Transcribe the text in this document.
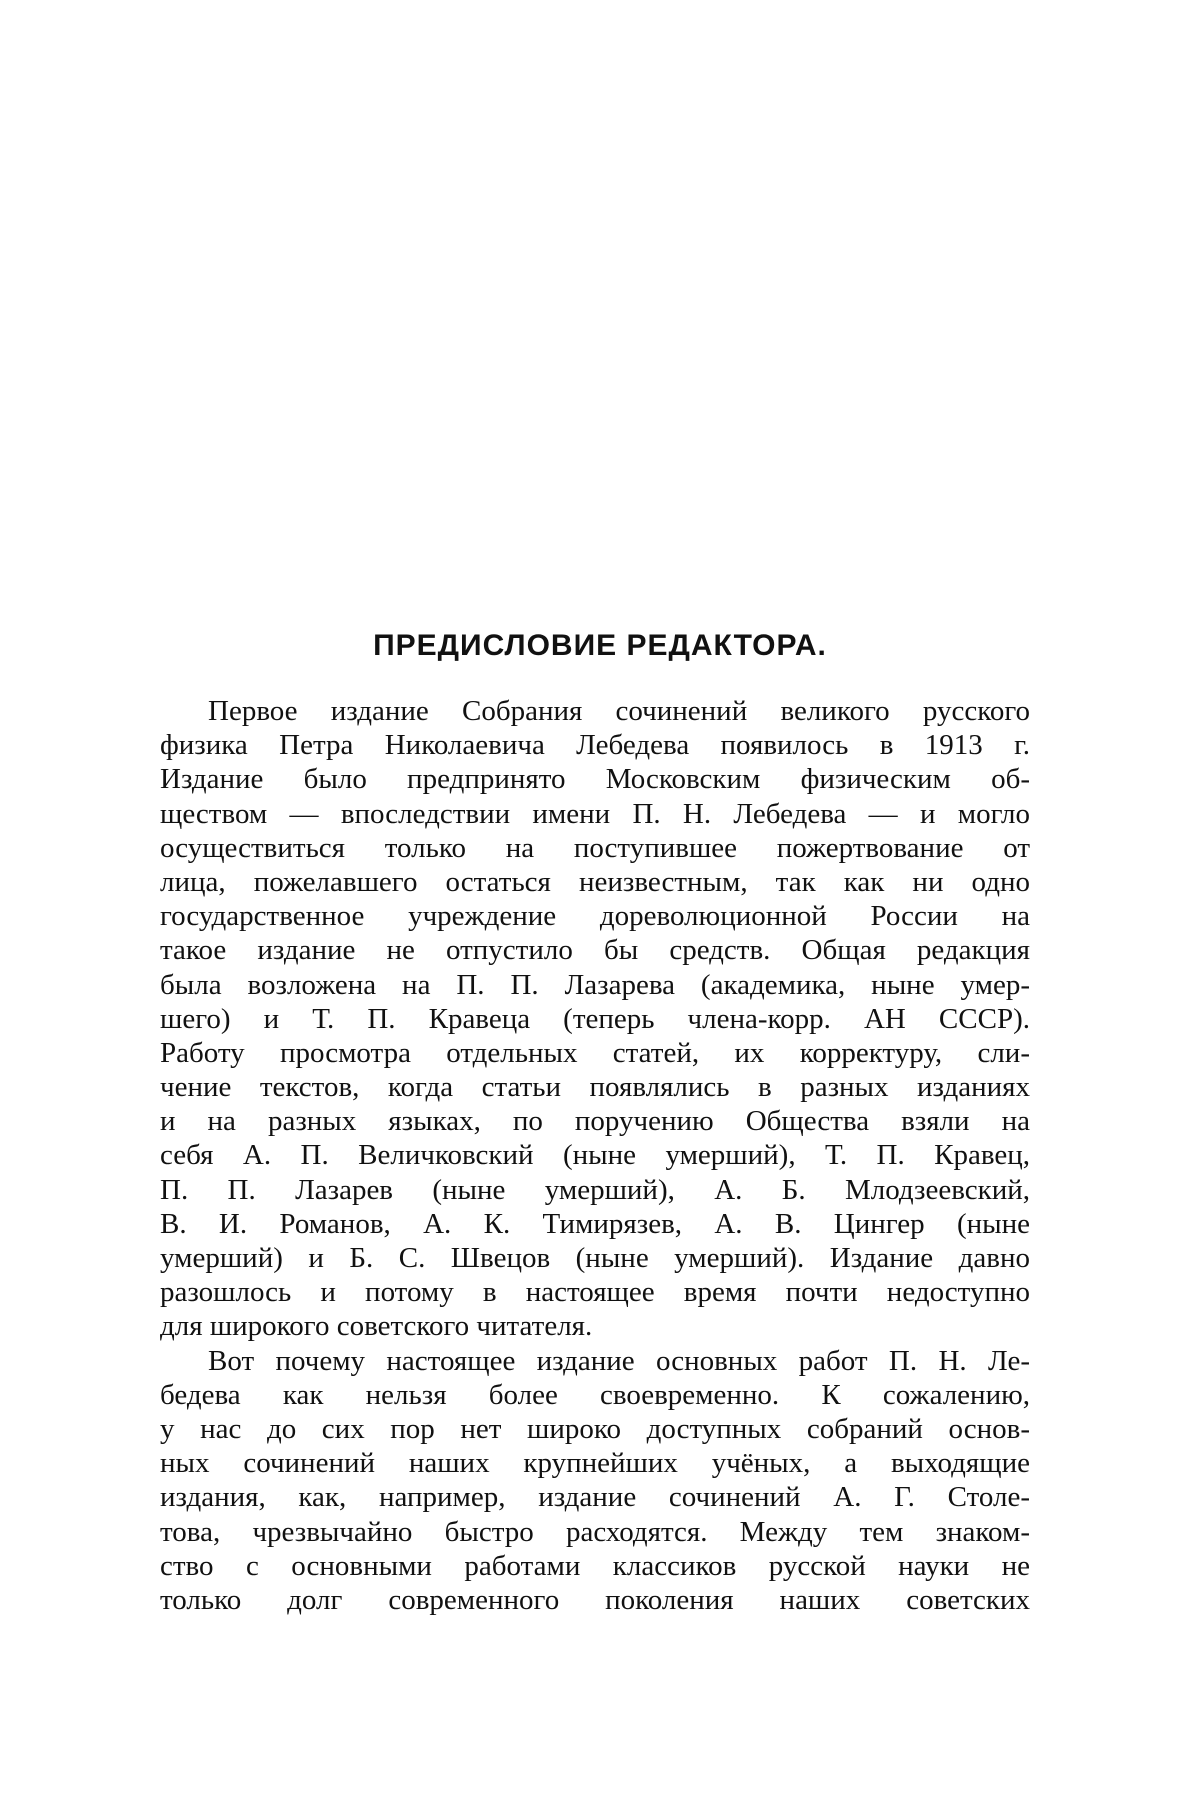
ПРЕДИСЛОВИЕ РЕДАКТОРА.
Первое издание Собрания сочинений великого русского
физика Петра Николаевича Лебедева появилось в 1913 г.
Издание было предпринято Московским физическим об-
ществом — впоследствии имени П. Н. Лебедева — и могло
осуществиться только на поступившее пожертвование от
лица, пожелавшего остаться неизвестным, так как ни одно
государственное учреждение дореволюционной России на
такое издание не отпустило бы средств. Общая редакция
была возложена на П. П. Лазарева (академика, ныне умер-
шего) и Т. П. Кравеца (теперь члена-корр. АН СССР).
Работу просмотра отдельных статей, их корректуру, сли-
чение текстов, когда статьи появлялись в разных изданиях
и на разных языках, по поручению Общества взяли на
себя А. П. Величковский (ныне умерший), Т. П. Кравец,
П. П. Лазарев (ныне умерший), А. Б. Млодзеевский,
В. И. Романов, А. К. Тимирязев, А. В. Цингер (ныне
умерший) и Б. С. Швецов (ныне умерший). Издание давно
разошлось и потому в настоящее время почти недоступно
для широкого советского читателя.
Вот почему настоящее издание основных работ П. Н. Ле-
бедева как нельзя более своевременно. К сожалению,
у нас до сих пор нет широко доступных собраний основ-
ных сочинений наших крупнейших учёных, а выходящие
издания, как, например, издание сочинений А. Г. Столе-
това, чрезвычайно быстро расходятся. Между тем знаком-
ство с основными работами классиков русской науки не
только долг современного поколения наших советских
